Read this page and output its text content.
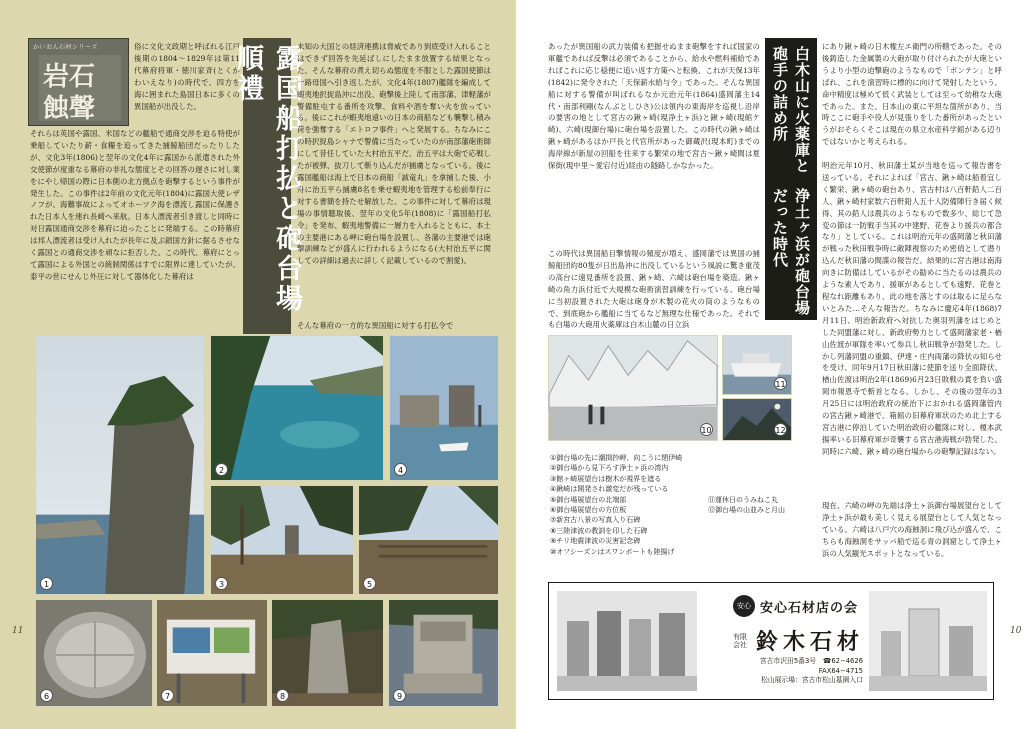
かいおん石材シリーズ
岩石
蝕聲
俗に文化文政期と呼ばれる江戸後期の1804〜1829年は第11代幕府将軍・徳川家斉(とくがわいえなり)の時代で、四方を海に囲まれた島国日本に多くの異国船が出没した。
それらは英国や露国、米国などの艦船で通商交渉を迫る特使が乗船していたり薪・食糧を追ってきた捕鯨船団だったりしたが、文化3年(1806)と翌年の文化4年に露国から派遣された外交使節が度重なる幕府の非礼な態度とその回答の遅さに対し業をにやし帰国の際に日本側の北方拠点を砲撃するという事件が発生した。この事件は2年前の文化元年(1804)に露国大使レザノフが、海難事故によってオホーツク海を漂流し露国に保護された日本人を連れ長崎へ来航。日本人漂流者引き渡しと同時に対日露国通商交渉を幕府に迫ったことに発端する。この時幕府は邦人漂流者は受け入れたが長年に及ぶ鎖国方針に据るさせなく露国との通商交渉を頑なに拒否した。この時代、幕府にとって露国による外国との統制関係はすでに限界に達していたが、泰平の世にせんじ外圧に対して器体化した幕府は	露国船打払と砲台場 順禮	未知の大国との経済連携は脅威であり到底受け入れることはできず回答を先延ばしにしたまま放置する結果となった。そんな幕府の煮え切らぬ態度を不服とした露国使節は一路母国へ引き返したが、文化4年(1807)艦隊を編成して蝦夷地択捉島沖に出没、砲撃後上陸して南部藩、津軽藩が警備駐屯する番所を攻撃、食料や酒を奪い火を放っている。後にこれが蝦夷地遠いの日本の商船なども襲撃し積み荷を強奪する「エトロフ事件」へと発展する。ちなみにこの時択捉島シャナで警備に当たっていたのが南部藩砲術師にして昔任していた大村治五平だ。治五平は大砲で応戦したが被弾、抜刀して斬り込んだが捕虜となっている。後に露国艦船は海上で日本の商船「誠竜丸」を拿捕した後、小舟に治五平ら捕虜8名を乗せ蝦夷地を管理する松前奉行に対する書簡を持たせ解放した。この事件に対して幕府は現場の事情聴取後、翌年の文化5年(1808)に「露国船打払令」を発布、蝦夷地警備に一層力を入れるとともに、本土の主要港にある岬に砲台場を設置し、各藩の主要港では砲撃訓練などが盛んに行われるようになる(大村治五平に関しての詳細は過去に詳しく記載しているので割愛)。
そんな幕府の一方的な異国船に対する打払令で
1
2	4
3	5
6	7	8	9
11
あったが異国船の武力装備も把握せぬまま砲撃をすれば国家の軍艦であれば反撃は必須であることから、給水や燃料補給であればこれに応じ穏便に追い返す方策へと転換、これが天保13年(1842)に発令された「天保薪水給与令」であった。そんな異国船に対する警備が叫ばれるなか元治元年(1864)盛岡藩主14代・南部利剛(なんぶとしひさ)公は領内の東海岸を巡視し沿岸の要害の地として宮古の鍬ヶ崎(現浄土ヶ浜)と鍬ヶ崎(現館ケ崎)、六崎(現御台場)に砲台場を設置した。この時代の鍬ヶ崎は鍬ヶ崎があるはか戸長と代官所があった御蔵沢(現本町)までの海岸線が新屋の回船を往来する繁栄の地で宮古〜鍬ヶ崎間は夏保街(現中里〜愛宕付近)経由の隧路しかなかった。
この時代は異国船目撃情報の頻度が増え、盛岡藩では異国の捕鯨船団約80隻が日出島沖に出没しているという風説に驚き重茂の高台に遠見番所を設置、鍬ヶ崎、六崎は砲台場を築造。鍬ヶ崎の角力浜付近で大規模な砲術演習訓練を行っている。砲台場に当初設置された大砲は砲身が木製の花火の筒のようなもので、到底砲から艦船に当てるなど無理な仕様であった。それでも白場の大砲用火薬庫は白木山麓の日立浜
白木山に火薬庫と砲手の詰め所
浄土ヶ浜が砲台場だった時代
にあり鍬ヶ崎の日木権左エ衛門の所轄であった。その後鋳造した金属製の大砲が取り付けられたが大砲というより小型の迫撃砲のようなもので「ボンテン」と呼ばれ、これを演習時に標的に向けて発射したという。命中精度は極めて低く武装としては至って幼稚な大砲であった。また、日本山の東に平坦な箇所があり、当時ここに砲手や役人が見張りをした番所があったというがおそらくそこは現在の県立水産科学館がある辺りではないかと考えられる。
明治元年10月、秋田藩士某が当地を巡って報告書を送っている。それによれば「宮古、鍬ヶ崎は船着宜しく繁栄、鍬ヶ崎の砲台あり、宮古村は八百軒鉛人二百人、鍬ヶ崎村家数六百軒鉛人五十人防備陣行き届く候得、其の鉛人は農兵のようなもので数多少、総じて急変の節は一防戦手当其の中建野、花巻より援兵の都合なり」としている。これは明治元年の盛岡藩と秋田藩が戦った秋田戦争時に敵陣視察のため密偵として潜り込んだ秋田藩の間諜の報告だ。結果的に宮古港は南海向きに防備はしているがその勧めに当たるのは農兵のような素人であり、援軍があるとしても遠野、花巻と程なれ距離もあり、此の地を落とすのは取るに足らないとみた…そんな報告だ。ちなみに慶応4年(1868)7月11日、明治新政府へ対抗した奥羽列藩をはじめとした同盟藩に対し、新政府勢力として盛岡藩家老・楢山佐渡が軍隊を率いて参兵し秋田戦争が勃発した。しかし列藩同盟の重鎮、伊達・庄内両藩の降伏の知らせを受け、同年9月17日秋田藩に使節を送り全面降伏、楢山佐渡は明治2年(1869)6月23日敗戦の責を負い盛岡市報恩寺で斬首となる。しかし、その後の翌年の3月25日には明治政府の統治下におかれる盛岡藩管内の宮古鍬ヶ崎港で、箱館の旧幕府軍状のため北上する宮古港に停泊していた明治政府の艦隊に対し、榎本武揚率いる旧幕府軍が奇襲する宮古港海戦が勃発した。同時に六崎、鍬ヶ崎の砲台場からの砲撃記録はない。
現在、六崎の岬の先端は浄土ヶ浜御台場展望台として浄土ヶ浜が最も美しく見える展望台として人気となっている。六崎は八戸穴の海蝕洞に飛び込が盛んで、こちらも海蝕洞をサッパ船で巡る青の洞窟として浄土ヶ浜の人気観光スポットとなっている。
10
11
12
①御台場の先に潮揖抄岬、向こうに閉伊崎
②御台場から見下ろす浄土ヶ浜の湾内
③館ヶ崎展望台は樹木が視界を遮る
④鍬崎は開発され激変だが残っている
⑤御台場展望台の北端部
⑥御台場展望台の方位板
⑦新宮古八景の写真入り石碑
⑧三陸津波の教訓を印した石碑
⑨チリ地震津波の災害記念碑
⑩オフシーズンはスワンボートも陸揚げ
⑪運休日のうみねこ丸
⑫御台場の山並みと月山
安心 安心石材店の会
有限会社 鈴木石材
宮古市沢田5番3号　 ☎62−4626
FAX64−4715
松山展示場：宮古市松山墓園入口
10
